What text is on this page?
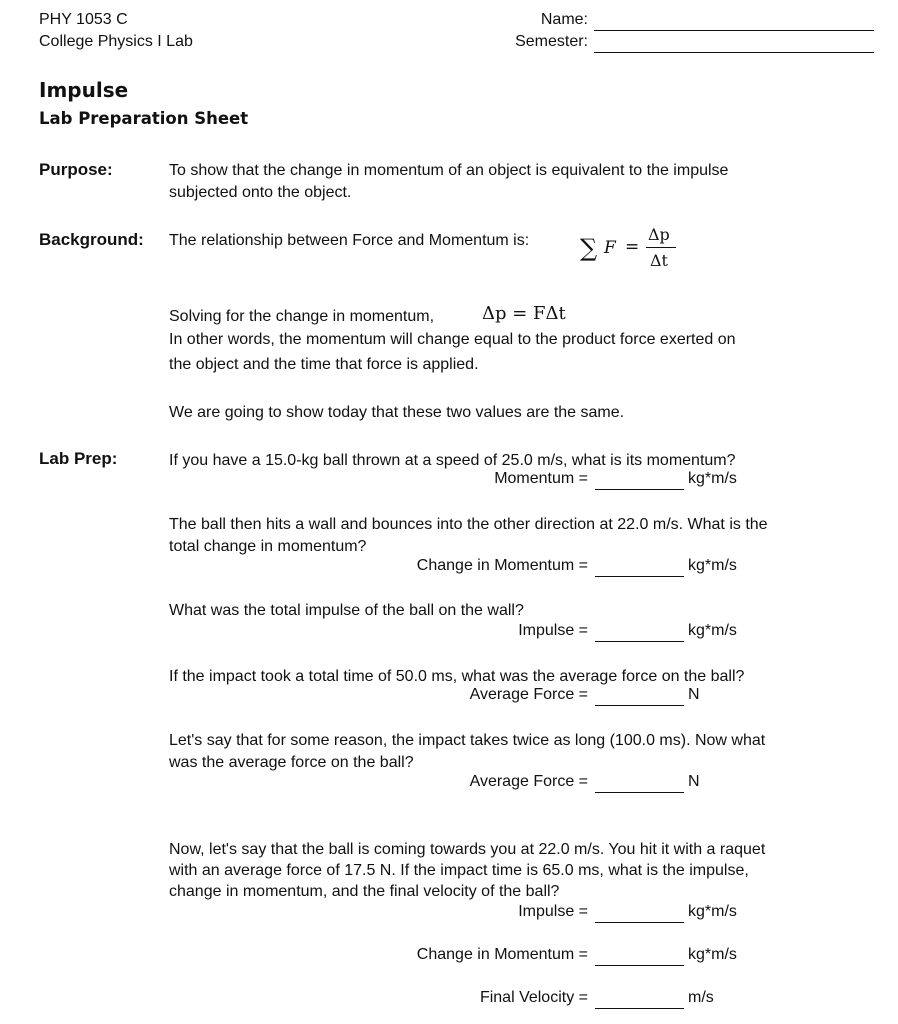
PHY 1053 C
College Physics I Lab
Name:
Semester:
Impulse
Lab Preparation Sheet
Purpose:	To show that the change in momentum of an object is equivalent to the impulse
subjected onto the object.
Background: The relationship between Force and Momentum is: ∑ F =
Δp
Δt
Solving for the change in momentum,	Δp = FΔt
In other words, the momentum will change equal to the product force exerted on
the object and the time that force is applied.
We are going to show today that these two values are the same.
Lab Prep:	If you have a 15.0-kg ball thrown at a speed of 25.0 m/s, what is its momentum?
Momentum =	kg*m/s
The ball then hits a wall and bounces into the other direction at 22.0 m/s. What is the
total change in momentum?
Change in Momentum =	kg*m/s
What was the total impulse of the ball on the wall?
Impulse =	kg*m/s
If the impact took a total time of 50.0 ms, what was the average force on the ball?
Average Force =	N
Let's say that for some reason, the impact takes twice as long (100.0 ms). Now what
was the average force on the ball?
Average Force =	N
Now, let's say that the ball is coming towards you at 22.0 m/s. You hit it with a raquet
with an average force of 17.5 N. If the impact time is 65.0 ms, what is the impulse,
change in momentum, and the final velocity of the ball?
Impulse =	kg*m/s
Change in Momentum =	kg*m/s
Final Velocity =	m/s
